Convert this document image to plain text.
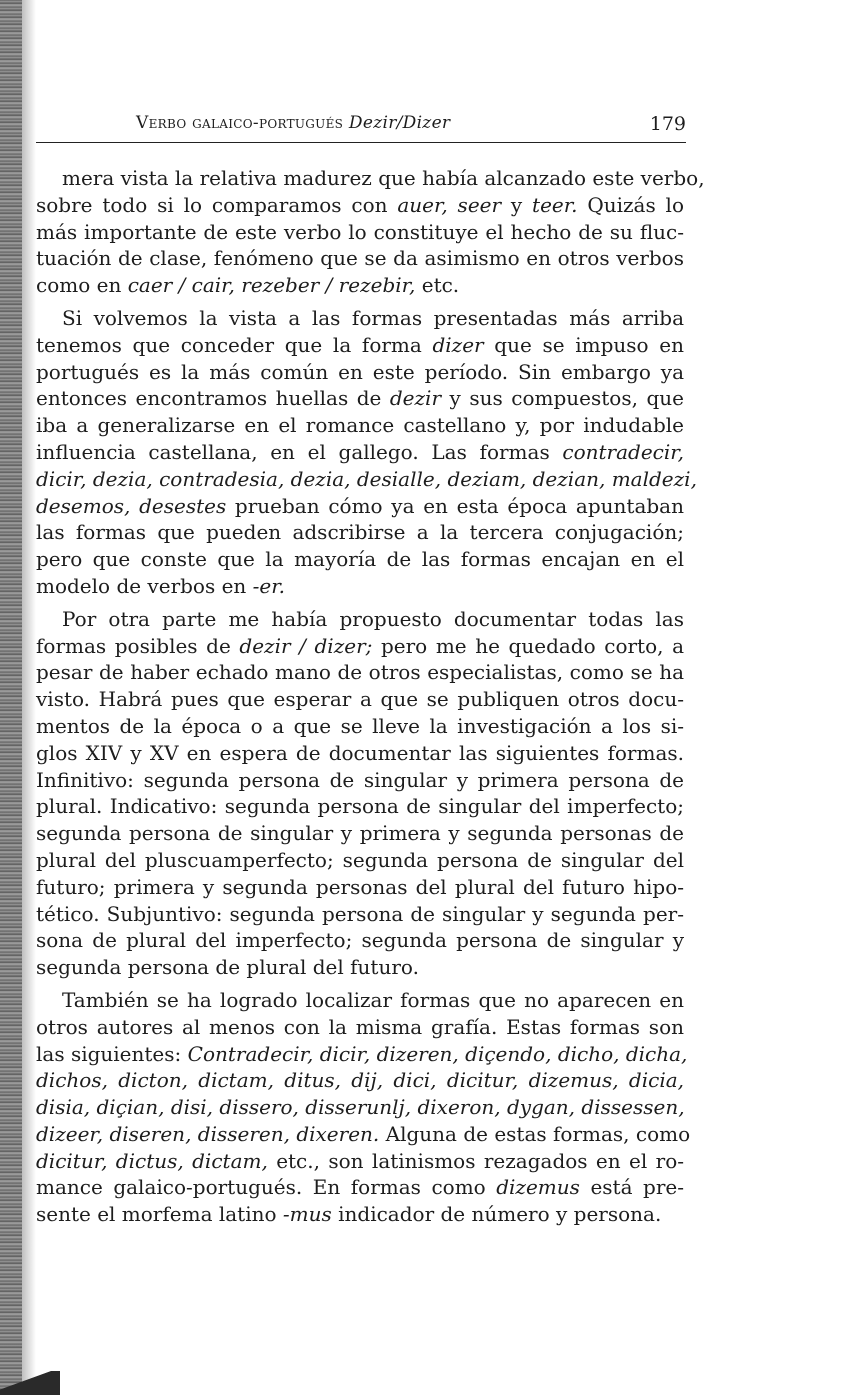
Verbo galaico-portugués Dezir/Dizer	179
mera vista la relativa madurez que había alcanzado este verbo,
sobre todo si lo comparamos con auer, seer y teer. Quizás lo
más importante de este verbo lo constituye el hecho de su fluc-
tuación de clase, fenómeno que se da asimismo en otros verbos
como en caer / cair, rezeber / rezebir, etc.
Si volvemos la vista a las formas presentadas más arriba
tenemos que conceder que la forma dizer que se impuso en
portugués es la más común en este período. Sin embargo ya
entonces encontramos huellas de dezir y sus compuestos, que
iba a generalizarse en el romance castellano y, por indudable
influencia castellana, en el gallego. Las formas contradecir,
dicir, dezia, contradesia, dezia, desialle, deziam, dezian, maldezi,
desemos, desestes prueban cómo ya en esta época apuntaban
las formas que pueden adscribirse a la tercera conjugación;
pero que conste que la mayoría de las formas encajan en el
modelo de verbos en -er.
Por otra parte me había propuesto documentar todas las
formas posibles de dezir / dizer; pero me he quedado corto, a
pesar de haber echado mano de otros especialistas, como se ha
visto. Habrá pues que esperar a que se publiquen otros docu-
mentos de la época o a que se lleve la investigación a los si-
glos XIV y XV en espera de documentar las siguientes formas.
Infinitivo: segunda persona de singular y primera persona de
plural. Indicativo: segunda persona de singular del imperfecto;
segunda persona de singular y primera y segunda personas de
plural del pluscuamperfecto; segunda persona de singular del
futuro; primera y segunda personas del plural del futuro hipo-
tético. Subjuntivo: segunda persona de singular y segunda per-
sona de plural del imperfecto; segunda persona de singular y
segunda persona de plural del futuro.
También se ha logrado localizar formas que no aparecen en
otros autores al menos con la misma grafía. Estas formas son
las siguientes: Contradecir, dicir, dizeren, diçendo, dicho, dicha,
dichos, dicton, dictam, ditus, dij, dici, dicitur, dizemus, dicia,
disia, diçian, disi, dissero, disserunlj, dixeron, dygan, dissessen,
dizeer, diseren, disseren, dixeren. Alguna de estas formas, como
dicitur, dictus, dictam, etc., son latinismos rezagados en el ro-
mance galaico-portugués. En formas como dizemus está pre-
sente el morfema latino -mus indicador de número y persona.
